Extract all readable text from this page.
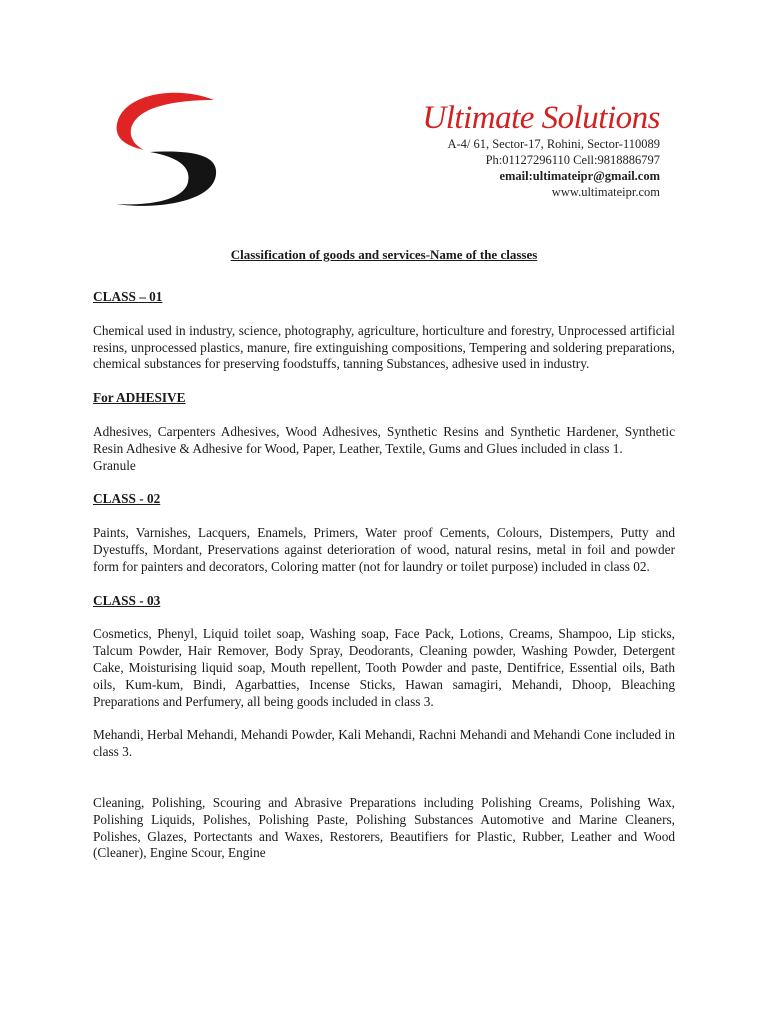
Ultimate Solutions
A-4/ 61, Sector-17, Rohini, Sector-110089
Ph:01127296110 Cell:9818886797
email:ultimateipr@gmail.com
www.ultimateipr.com
Classification of goods and services-Name of the classes
CLASS – 01
Chemical used in industry, science, photography, agriculture, horticulture and forestry, Unprocessed artificial resins, unprocessed plastics, manure, fire extinguishing compositions, Tempering and soldering preparations, chemical substances for preserving foodstuffs, tanning Substances, adhesive used in industry.
For ADHESIVE
Adhesives, Carpenters Adhesives, Wood Adhesives, Synthetic Resins and Synthetic Hardener, Synthetic Resin Adhesive & Adhesive for Wood, Paper, Leather, Textile, Gums and Glues included in class 1.
Granule
CLASS - 02
Paints, Varnishes, Lacquers, Enamels, Primers, Water proof Cements, Colours, Distempers, Putty and Dyestuffs, Mordant, Preservations against deterioration of wood, natural resins, metal in foil and powder form for painters and decorators, Coloring matter (not for laundry or toilet purpose) included in class 02.
CLASS - 03
Cosmetics, Phenyl, Liquid toilet soap, Washing soap, Face Pack, Lotions, Creams, Shampoo, Lip sticks, Talcum Powder, Hair Remover, Body Spray, Deodorants, Cleaning powder, Washing Powder, Detergent Cake, Moisturising liquid soap, Mouth repellent, Tooth Powder and paste, Dentifrice, Essential oils, Bath oils, Kum-kum, Bindi, Agarbatties, Incense Sticks, Hawan samagiri, Mehandi, Dhoop, Bleaching Preparations and Perfumery, all being goods included in class 3.
Mehandi, Herbal Mehandi, Mehandi Powder, Kali Mehandi, Rachni Mehandi and Mehandi Cone included in class 3.
Cleaning, Polishing, Scouring and Abrasive Preparations including Polishing Creams, Polishing Wax, Polishing Liquids, Polishes, Polishing Paste, Polishing Substances Automotive and Marine Cleaners, Polishes, Glazes, Portectants and Waxes, Restorers, Beautifiers for Plastic, Rubber, Leather and Wood (Cleaner), Engine Scour, Engine
